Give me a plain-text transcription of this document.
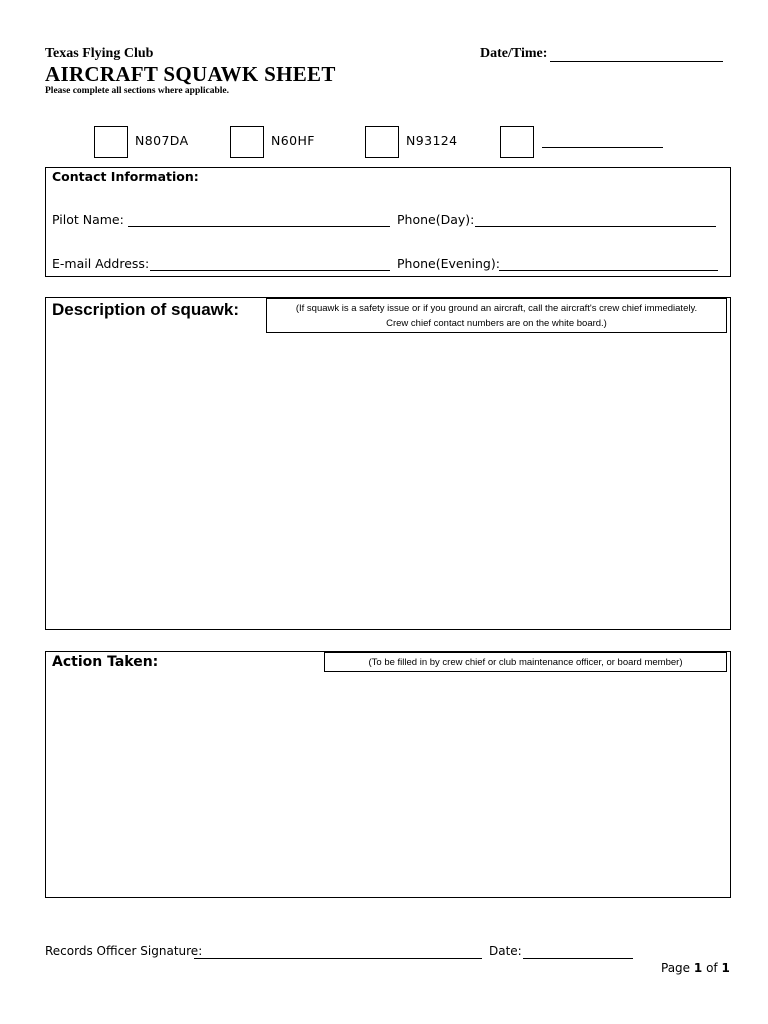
Texas Flying Club
AIRCRAFT SQUAWK SHEET
Please complete all sections where applicable.
Date/Time:
N807DA	N60HF	N93124
Contact Information:
Pilot Name:	Phone(Day):
E-mail Address:	Phone(Evening):
Description of squawk:	(If squawk is a safety issue or if you ground an aircraft, call the aircraft's crew chief immediately.
Crew chief contact numbers are on the white board.)
Action Taken:	(To be filled in by crew chief or club maintenance officer, or board member)
Records Officer Signature:	Date:
Page 1 of 1
